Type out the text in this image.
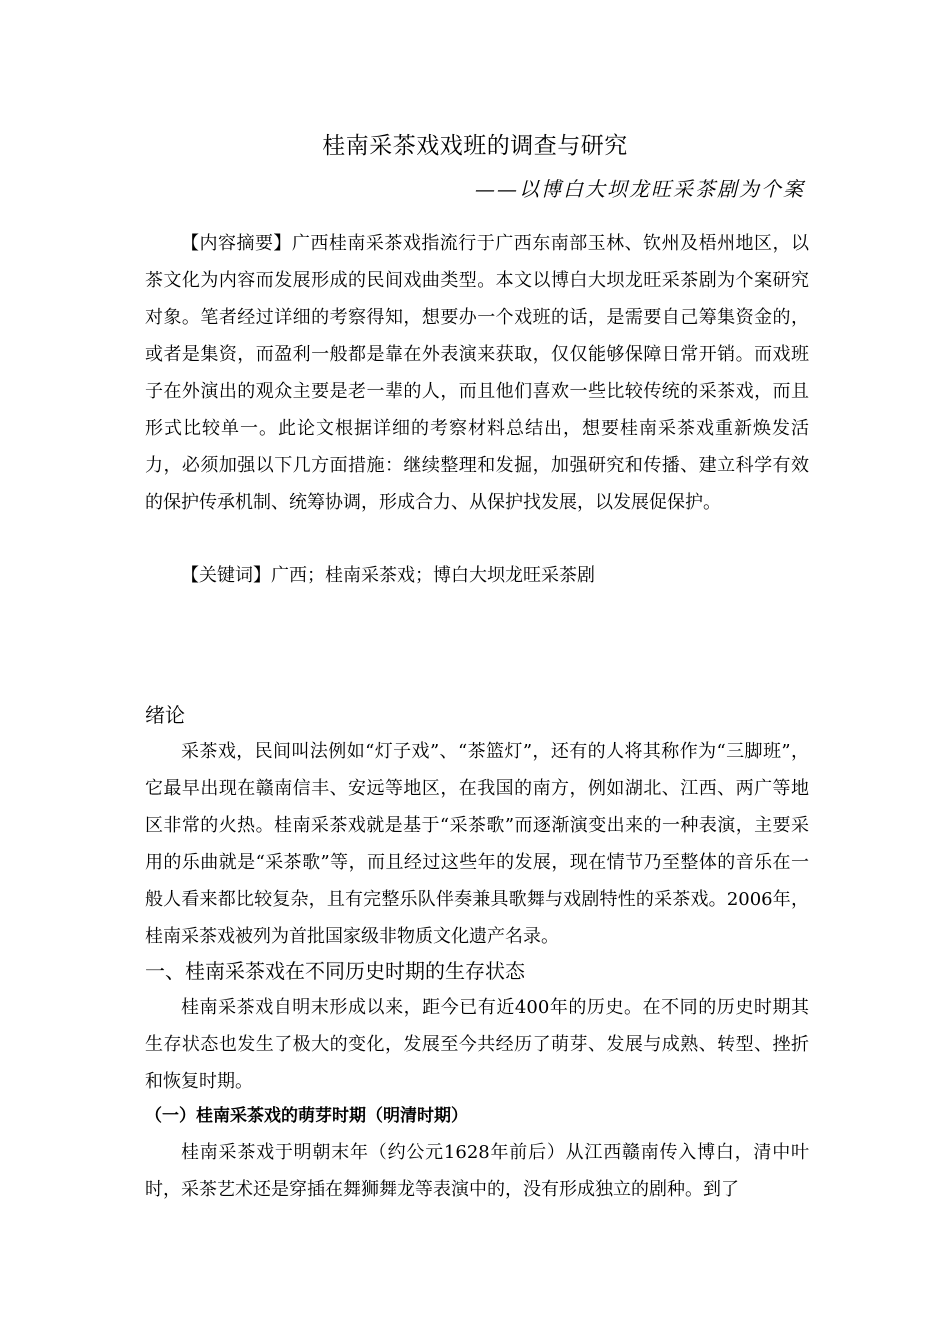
桂南采茶戏戏班的调查与研究
——以博白大坝龙旺采茶剧为个案

【内容摘要】广西桂南采茶戏指流行于广西东南部玉林、钦州及梧州地区，以茶文化为内容而发展形成的民间戏曲类型。本文以博白大坝龙旺采茶剧为个案研究对象。笔者经过详细的考察得知，想要办一个戏班的话，是需要自己筹集资金的，或者是集资，而盈利一般都是靠在外表演来获取，仅仅能够保障日常开销。而戏班子在外演出的观众主要是老一辈的人，而且他们喜欢一些比较传统的采茶戏，而且形式比较单一。此论文根据详细的考察材料总结出，想要桂南采茶戏重新焕发活力，必须加强以下几方面措施：继续整理和发掘，加强研究和传播、建立科学有效的保护传承机制、统筹协调，形成合力、从保护找发展，以发展促保护。

【关键词】广西；桂南采茶戏；博白大坝龙旺采茶剧

绪论

采茶戏，民间叫法例如“灯子戏”、“茶篮灯”，还有的人将其称作为“三脚班”，它最早出现在赣南信丰、安远等地区，在我国的南方，例如湖北、江西、两广等地区非常的火热。桂南采茶戏就是基于“采茶歌”而逐渐演变出来的一种表演，主要采用的乐曲就是“采茶歌”等，而且经过这些年的发展，现在情节乃至整体的音乐在一般人看来都比较复杂，且有完整乐队伴奏兼具歌舞与戏剧特性的采茶戏。2006年，桂南采茶戏被列为首批国家级非物质文化遗产名录。

一、桂南采茶戏在不同历史时期的生存状态

桂南采茶戏自明末形成以来，距今已有近400年的历史。在不同的历史时期其生存状态也发生了极大的变化，发展至今共经历了萌芽、发展与成熟、转型、挫折和恢复时期。

（一）桂南采茶戏的萌芽时期（明清时期）

桂南采茶戏于明朝末年（约公元1628年前后）从江西赣南传入博白，清中叶时，采茶艺术还是穿插在舞狮舞龙等表演中的，没有形成独立的剧种。到了
